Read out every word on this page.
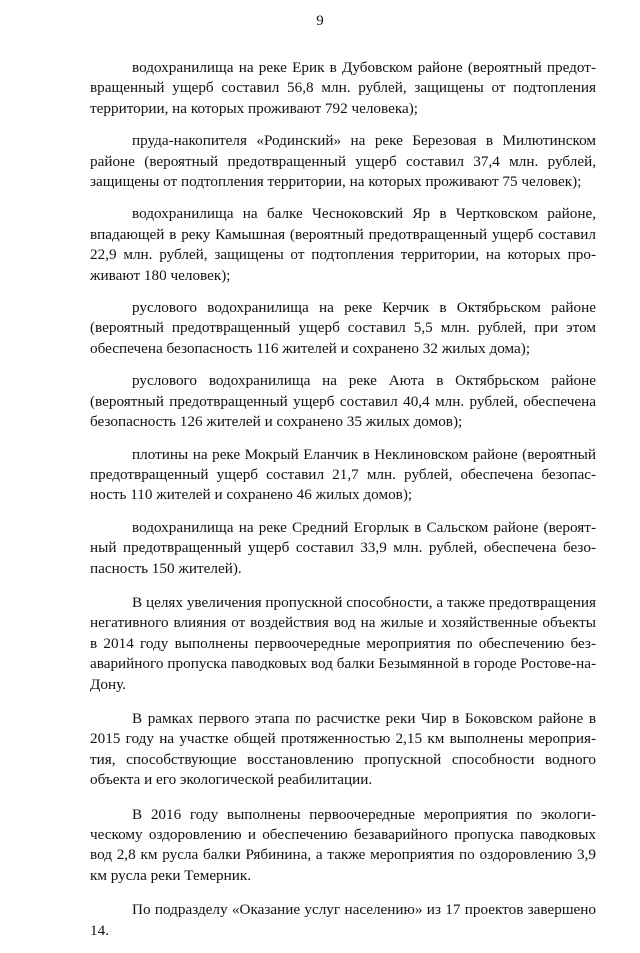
9

водохранилища на реке Ерик в Дубовском районе (вероятный предотвращенный ущерб составил 56,8 млн. рублей, защищены от подтопления территории, на которых проживают 792 человека);

пруда-накопителя «Родинский» на реке Березовая в Милютинском районе (вероятный предотвращенный ущерб составил 37,4 млн. рублей, защищены от подтопления территории, на которых проживают 75 человек);

водохранилища на балке Чесноковский Яр в Чертковском районе, впадающей в реку Камышная (вероятный предотвращенный ущерб составил 22,9 млн. рублей, защищены от подтопления территории, на которых проживают 180 человек);

руслового водохранилища на реке Керчик в Октябрьском районе (вероятный предотвращенный ущерб составил 5,5 млн. рублей, при этом обеспечена безопасность 116 жителей и сохранено 32 жилых дома);

руслового водохранилища на реке Аюта в Октябрьском районе (вероятный предотвращенный ущерб составил 40,4 млн. рублей, обеспечена безопасность 126 жителей и сохранено 35 жилых домов);

плотины на реке Мокрый Еланчик в Неклиновском районе (вероятный предотвращенный ущерб составил 21,7 млн. рублей, обеспечена безопасность 110 жителей и сохранено 46 жилых домов);

водохранилища на реке Средний Егорлык в Сальском районе (вероятный предотвращенный ущерб составил 33,9 млн. рублей, обеспечена безопасность 150 жителей).

В целях увеличения пропускной способности, а также предотвращения негативного влияния от воздействия вод на жилые и хозяйственные объекты в 2014 году выполнены первоочередные мероприятия по обеспечению безаварийного пропуска паводковых вод балки Безымянной в городе Ростове-на-Дону.

В рамках первого этапа по расчистке реки Чир в Боковском районе в 2015 году на участке общей протяженностью 2,15 км выполнены мероприятия, способствующие восстановлению пропускной способности водного объекта и его экологической реабилитации.

В 2016 году выполнены первоочередные мероприятия по экологическому оздоровлению и обеспечению безаварийного пропуска паводковых вод 2,8 км русла балки Рябинина, а также мероприятия по оздоровлению 3,9 км русла реки Темерник.

По подразделу «Оказание услуг населению» из 17 проектов завершено 14.
